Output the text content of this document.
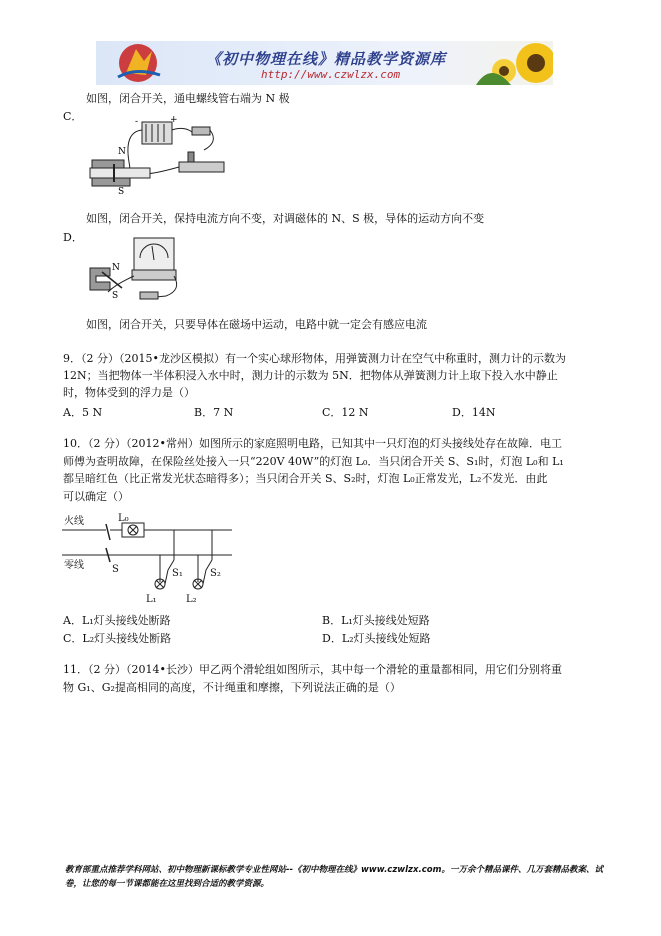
《初中物理在线》精品教学资源库
http://www.czwlzx.com
如图，闭合开关，通电螺线管右端为 N 极
C．
N
S
-	+
如图，闭合开关，保持电流方向不变，对调磁体的 N、S 极，导体的运动方向不变
D．
N
S
如图，闭合开关，只要导体在磁场中运动，电路中就一定会有感应电流
9．（2 分）（2015•龙沙区模拟）有一个实心球形物体，用弹簧测力计在空气中称重时，测力计的示数为
12N；当把物体一半体积浸入水中时，测力计的示数为 5N．把物体从弹簧测力计上取下投入水中静止
时，物体受到的浮力是（）
A．5 N	B．7 N	C．12 N	D．14N
10．（2 分）（2012•常州）如图所示的家庭照明电路，已知其中一只灯泡的灯头接线处存在故障．电工
师傅为查明故障，在保险丝处接入一只“220V 40W”的灯泡 L₀．当只闭合开关 S、S₁时，灯泡 L₀和 L₁
都呈暗红色（比正常发光状态暗得多）；当只闭合开关 S、S₂时，灯泡 L₀正常发光，L₂不发光．由此
可以确定（）
火线
零线
L₀
S	S₁	S₂
L₁	L₂
A．L₁灯头接线处断路	B．L₁灯头接线处短路
C．L₂灯头接线处断路	D．L₂灯头接线处短路
11．（2 分）（2014•长沙）甲乙两个滑轮组如图所示，其中每一个滑轮的重量都相同，用它们分别将重
物 G₁、G₂提高相同的高度，不计绳重和摩擦，下列说法正确的是（）
教育部重点推荐学科网站、初中物理新课标教学专业性网站--《初中物理在线》www.czwlzx.com。一万余个精品课件、几万套精品教案、试卷，让您的每一节课都能在这里找到合适的教学资源。
